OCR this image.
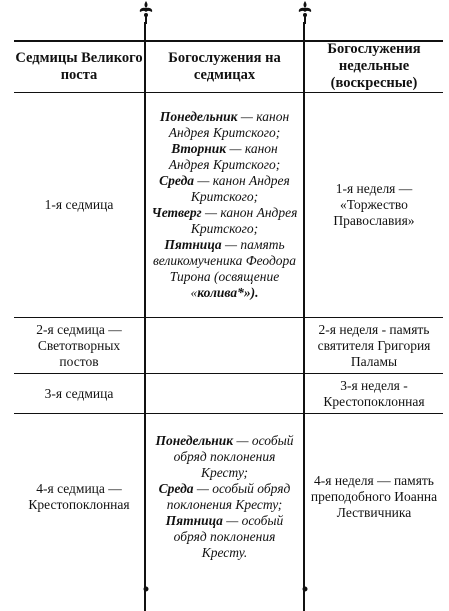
Седмицы Великого поста
Богослужения на седмицах
Богослужения недельные (воскресные)
1-я седмица
Понедельник — канон Андрея Критского;
Вторник — канон Андрея Критского;
Среда — канон Андрея Критского;
Четверг — канон Андрея Критского;
Пятница — память великомученика Феодора Тирона (освящение «колива*»).
1-я неделя — «Торжество Православия»
2-я седмица — Светотворных постов
2-я неделя - память святителя Григория Паламы
3-я седмица
3-я неделя - Крестопоклонная
4-я седмица — Крестопоклонная
Понедельник — особый обряд поклонения Кресту;
Среда — особый обряд поклонения Кресту;
Пятница — особый обряд поклонения Кресту.
4-я неделя — память преподобного Иоанна Лествичника
